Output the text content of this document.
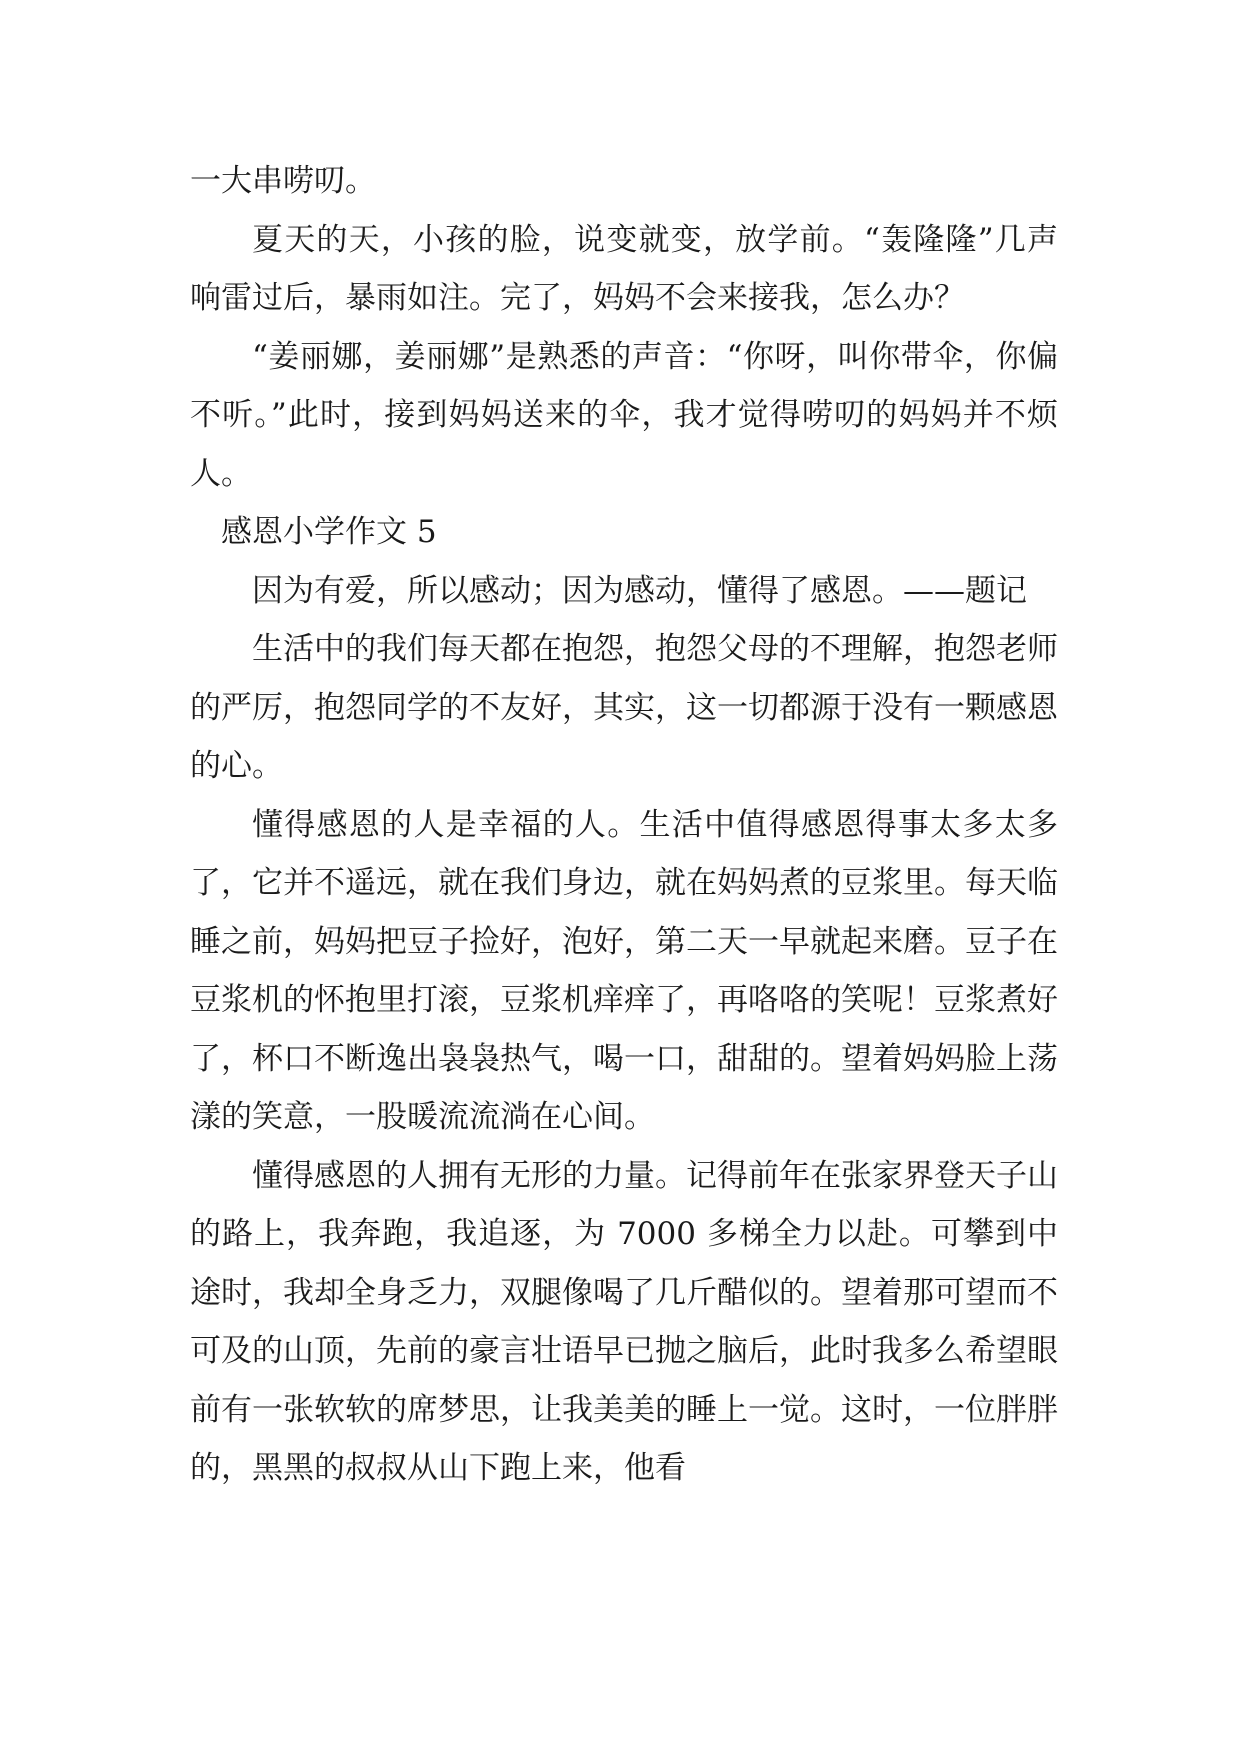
一大串唠叨。

夏天的天，小孩的脸，说变就变，放学前。“轰隆隆”几声响雷过后，暴雨如注。完了，妈妈不会来接我，怎么办？

“姜丽娜，姜丽娜”是熟悉的声音：“你呀，叫你带伞，你偏不听。”此时，接到妈妈送来的伞，我才觉得唠叨的妈妈并不烦人。

感恩小学作文 5

因为有爱，所以感动；因为感动，懂得了感恩。——题记

生活中的我们每天都在抱怨，抱怨父母的不理解，抱怨老师的严厉，抱怨同学的不友好，其实，这一切都源于没有一颗感恩的心。

懂得感恩的人是幸福的人。生活中值得感恩得事太多太多了，它并不遥远，就在我们身边，就在妈妈煮的豆浆里。每天临睡之前，妈妈把豆子捡好，泡好，第二天一早就起来磨。豆子在豆浆机的怀抱里打滚，豆浆机痒痒了，再咯咯的笑呢！豆浆煮好了，杯口不断逸出袅袅热气，喝一口，甜甜的。望着妈妈脸上荡漾的笑意，一股暖流流淌在心间。

懂得感恩的人拥有无形的力量。记得前年在张家界登天子山的路上，我奔跑，我追逐，为 7000 多梯全力以赴。可攀到中途时，我却全身乏力，双腿像喝了几斤醋似的。望着那可望而不可及的山顶，先前的豪言壮语早已抛之脑后，此时我多么希望眼前有一张软软的席梦思，让我美美的睡上一觉。这时，一位胖胖的，黑黑的叔叔从山下跑上来，他看
